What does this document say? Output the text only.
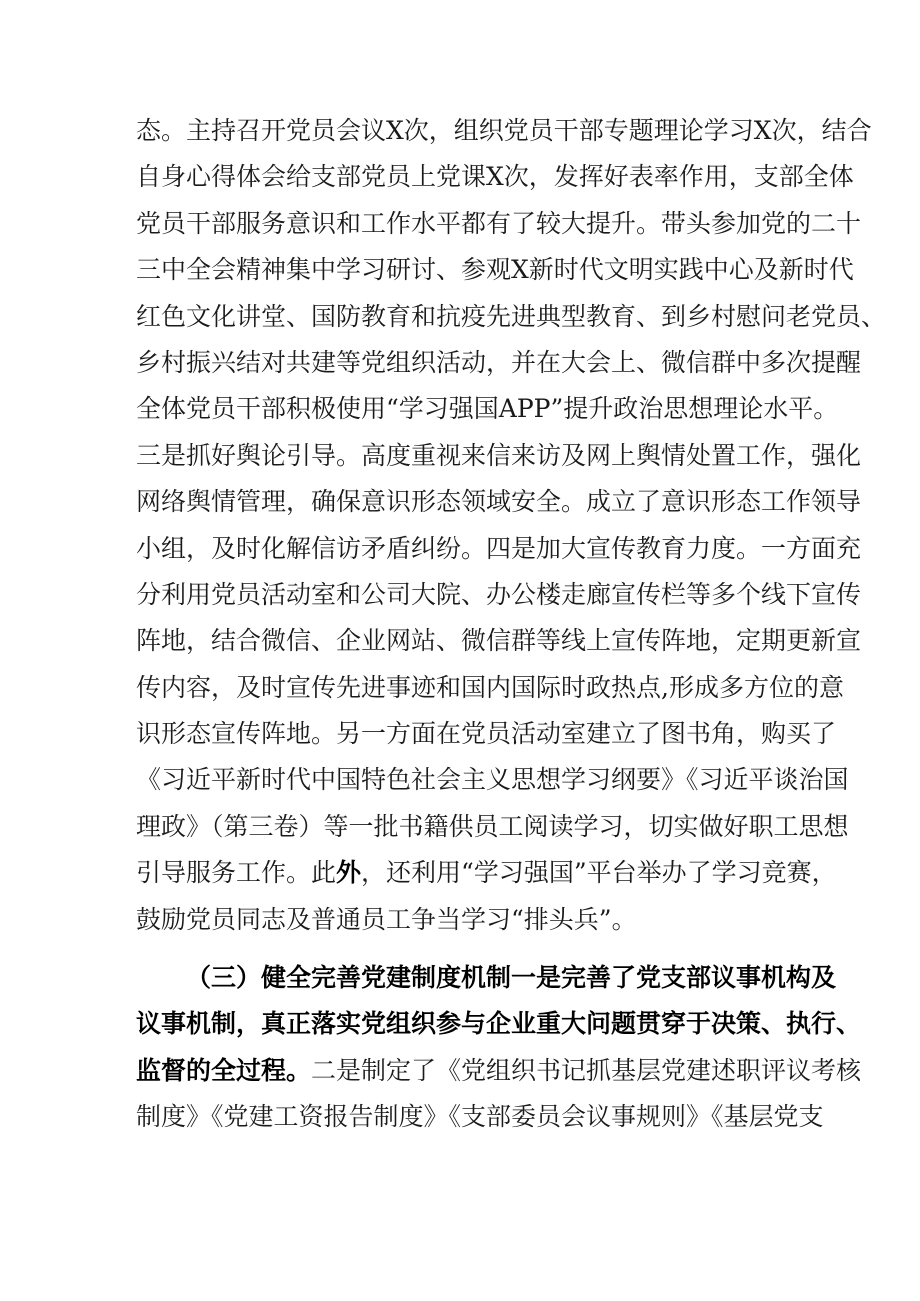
态。主持召开党员会议X次，组织党员干部专题理论学习X次，结合
自身心得体会给支部党员上党课X次，发挥好表率作用，支部全体
党员干部服务意识和工作水平都有了较大提升。带头参加党的二十
三中全会精神集中学习研讨、参观X新时代文明实践中心及新时代
红色文化讲堂、国防教育和抗疫先进典型教育、到乡村慰问老党员、
乡村振兴结对共建等党组织活动，并在大会上、微信群中多次提醒
全体党员干部积极使用“学习强国APP”提升政治思想理论水平。
三是抓好舆论引导。高度重视来信来访及网上舆情处置工作，强化
网络舆情管理，确保意识形态领域安全。成立了意识形态工作领导
小组，及时化解信访矛盾纠纷。四是加大宣传教育力度。一方面充
分利用党员活动室和公司大院、办公楼走廊宣传栏等多个线下宣传
阵地，结合微信、企业网站、微信群等线上宣传阵地，定期更新宣
传内容，及时宣传先进事迹和国内国际时政热点,形成多方位的意
识形态宣传阵地。另一方面在党员活动室建立了图书角，购买了
《习近平新时代中国特色社会主义思想学习纲要》《习近平谈治国
理政》（第三卷）等一批书籍供员工阅读学习，切实做好职工思想
引导服务工作。此外，还利用“学习强国”平台举办了学习竞赛，
鼓励党员同志及普通员工争当学习“排头兵”。
（三）健全完善党建制度机制一是完善了党支部议事机构及
议事机制，真正落实党组织参与企业重大问题贯穿于决策、执行、
监督的全过程。二是制定了《党组织书记抓基层党建述职评议考核
制度》《党建工资报告制度》《支部委员会议事规则》《基层党支
